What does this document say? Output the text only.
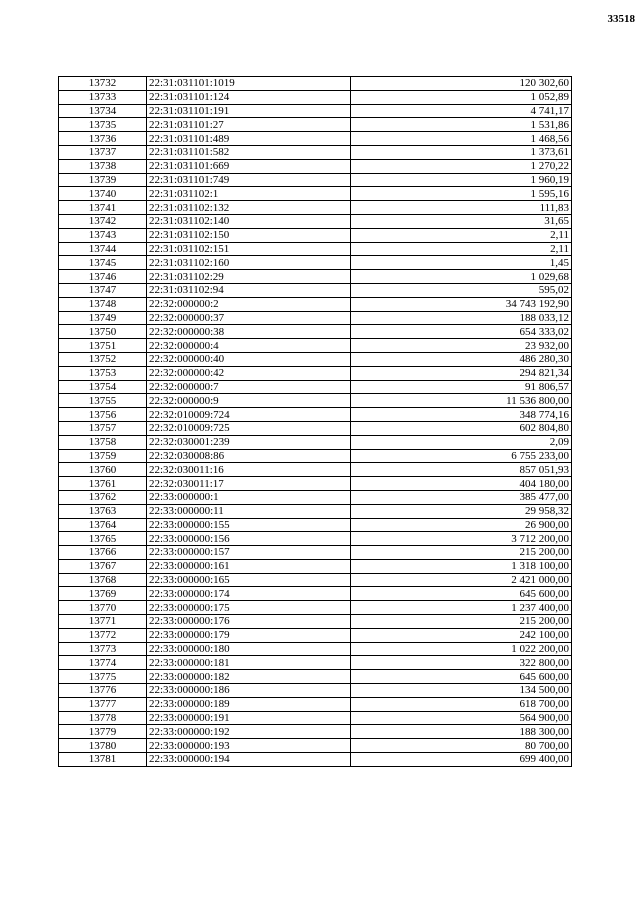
33518
13732	22:31:031101:1019	120 302,60
13733	22:31:031101:124	1 052,89
13734	22:31:031101:191	4 741,17
13735	22:31:031101:27	1 531,86
13736	22:31:031101:489	1 468,56
13737	22:31:031101:582	1 373,61
13738	22:31:031101:669	1 270,22
13739	22:31:031101:749	1 960,19
13740	22:31:031102:1	1 595,16
13741	22:31:031102:132	111,83
13742	22:31:031102:140	31,65
13743	22:31:031102:150	2,11
13744	22:31:031102:151	2,11
13745	22:31:031102:160	1,45
13746	22:31:031102:29	1 029,68
13747	22:31:031102:94	595,02
13748	22:32:000000:2	34 743 192,90
13749	22:32:000000:37	188 033,12
13750	22:32:000000:38	654 333,02
13751	22:32:000000:4	23 932,00
13752	22:32:000000:40	486 280,30
13753	22:32:000000:42	294 821,34
13754	22:32:000000:7	91 806,57
13755	22:32:000000:9	11 536 800,00
13756	22:32:010009:724	348 774,16
13757	22:32:010009:725	602 804,80
13758	22:32:030001:239	2,09
13759	22:32:030008:86	6 755 233,00
13760	22:32:030011:16	857 051,93
13761	22:32:030011:17	404 180,00
13762	22:33:000000:1	385 477,00
13763	22:33:000000:11	29 958,32
13764	22:33:000000:155	26 900,00
13765	22:33:000000:156	3 712 200,00
13766	22:33:000000:157	215 200,00
13767	22:33:000000:161	1 318 100,00
13768	22:33:000000:165	2 421 000,00
13769	22:33:000000:174	645 600,00
13770	22:33:000000:175	1 237 400,00
13771	22:33:000000:176	215 200,00
13772	22:33:000000:179	242 100,00
13773	22:33:000000:180	1 022 200,00
13774	22:33:000000:181	322 800,00
13775	22:33:000000:182	645 600,00
13776	22:33:000000:186	134 500,00
13777	22:33:000000:189	618 700,00
13778	22:33:000000:191	564 900,00
13779	22:33:000000:192	188 300,00
13780	22:33:000000:193	80 700,00
13781	22:33:000000:194	699 400,00
